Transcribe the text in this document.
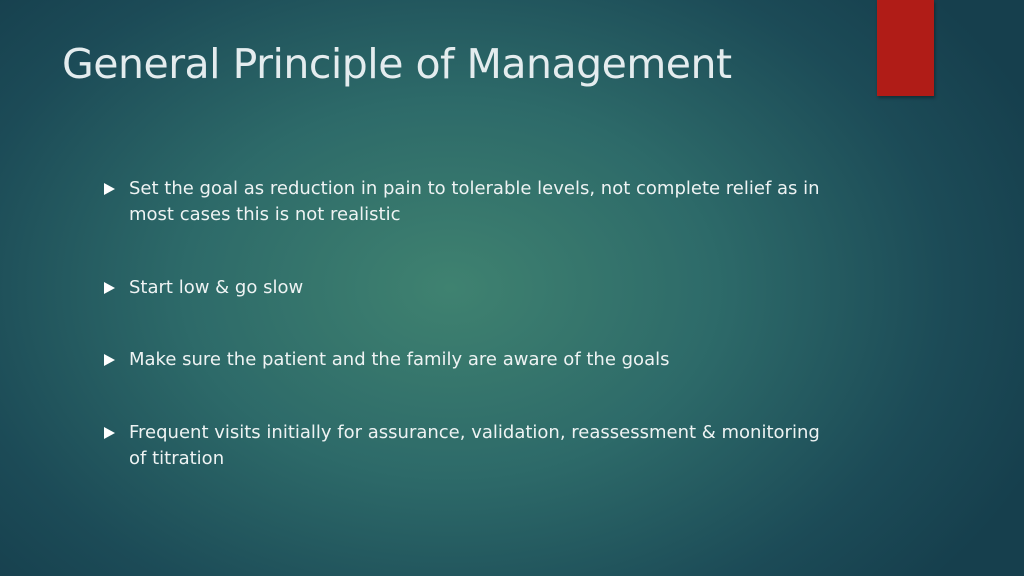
General Principle of Management
Set the goal as reduction in pain to tolerable levels, not complete relief as in most cases this is not realistic
Start low & go slow
Make sure the patient and the family are aware of the goals
Frequent visits initially for assurance, validation, reassessment & monitoring of titration
